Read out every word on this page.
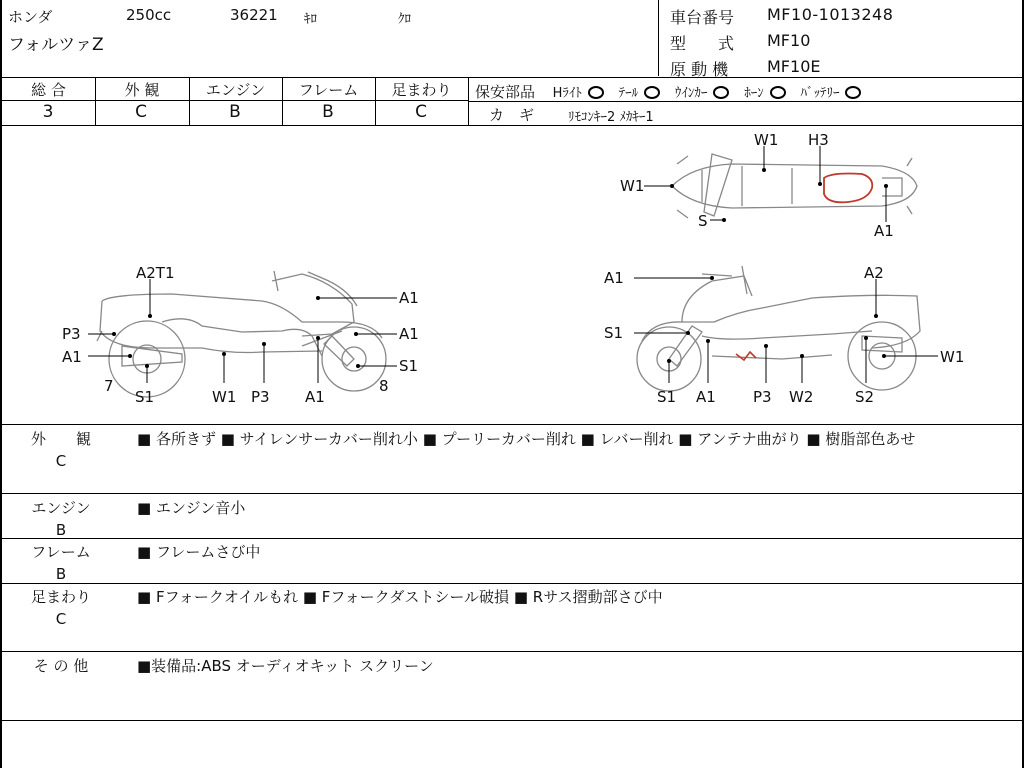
ホンダ	250cc	36221 ｷﾛ	ｸﾛ
フォルツァZ
車台番号 MF10-1013248
型　　式 MF10
原 動 機 MF10E
総 合	外 観	エンジン	フレーム	足まわり
3	C	B	B	C
保安部品 Hﾗｲﾄ	ﾃｰﾙ	ｳｲﾝｶｰ	ﾎｰﾝ	ﾊﾞｯﾃﾘｰ
カ　ギ	ﾘﾓｺﾝｷｰ2 ﾒｶｷｰ1
W1 H3
W1
S
A1
A2T1
A1
P3	A1
A1	S1
7
S1	W1 P3 A1
8
A1	A2
S1
W1
S1 A1 P3 W2	S2
外　　観
C
■ 各所きず ■ サイレンサーカバー削れ小 ■ プーリーカバー削れ ■ レバー削れ ■ アンテナ曲がり ■ 樹脂部色あせ
エンジン
B
■ エンジン音小
フレーム
B
■ フレームさび中
足まわり
C
■ Fフォークオイルもれ ■ Fフォークダストシール破損 ■ Rサス摺動部さび中
そ の 他	■装備品:ABS オーディオキット スクリーン
